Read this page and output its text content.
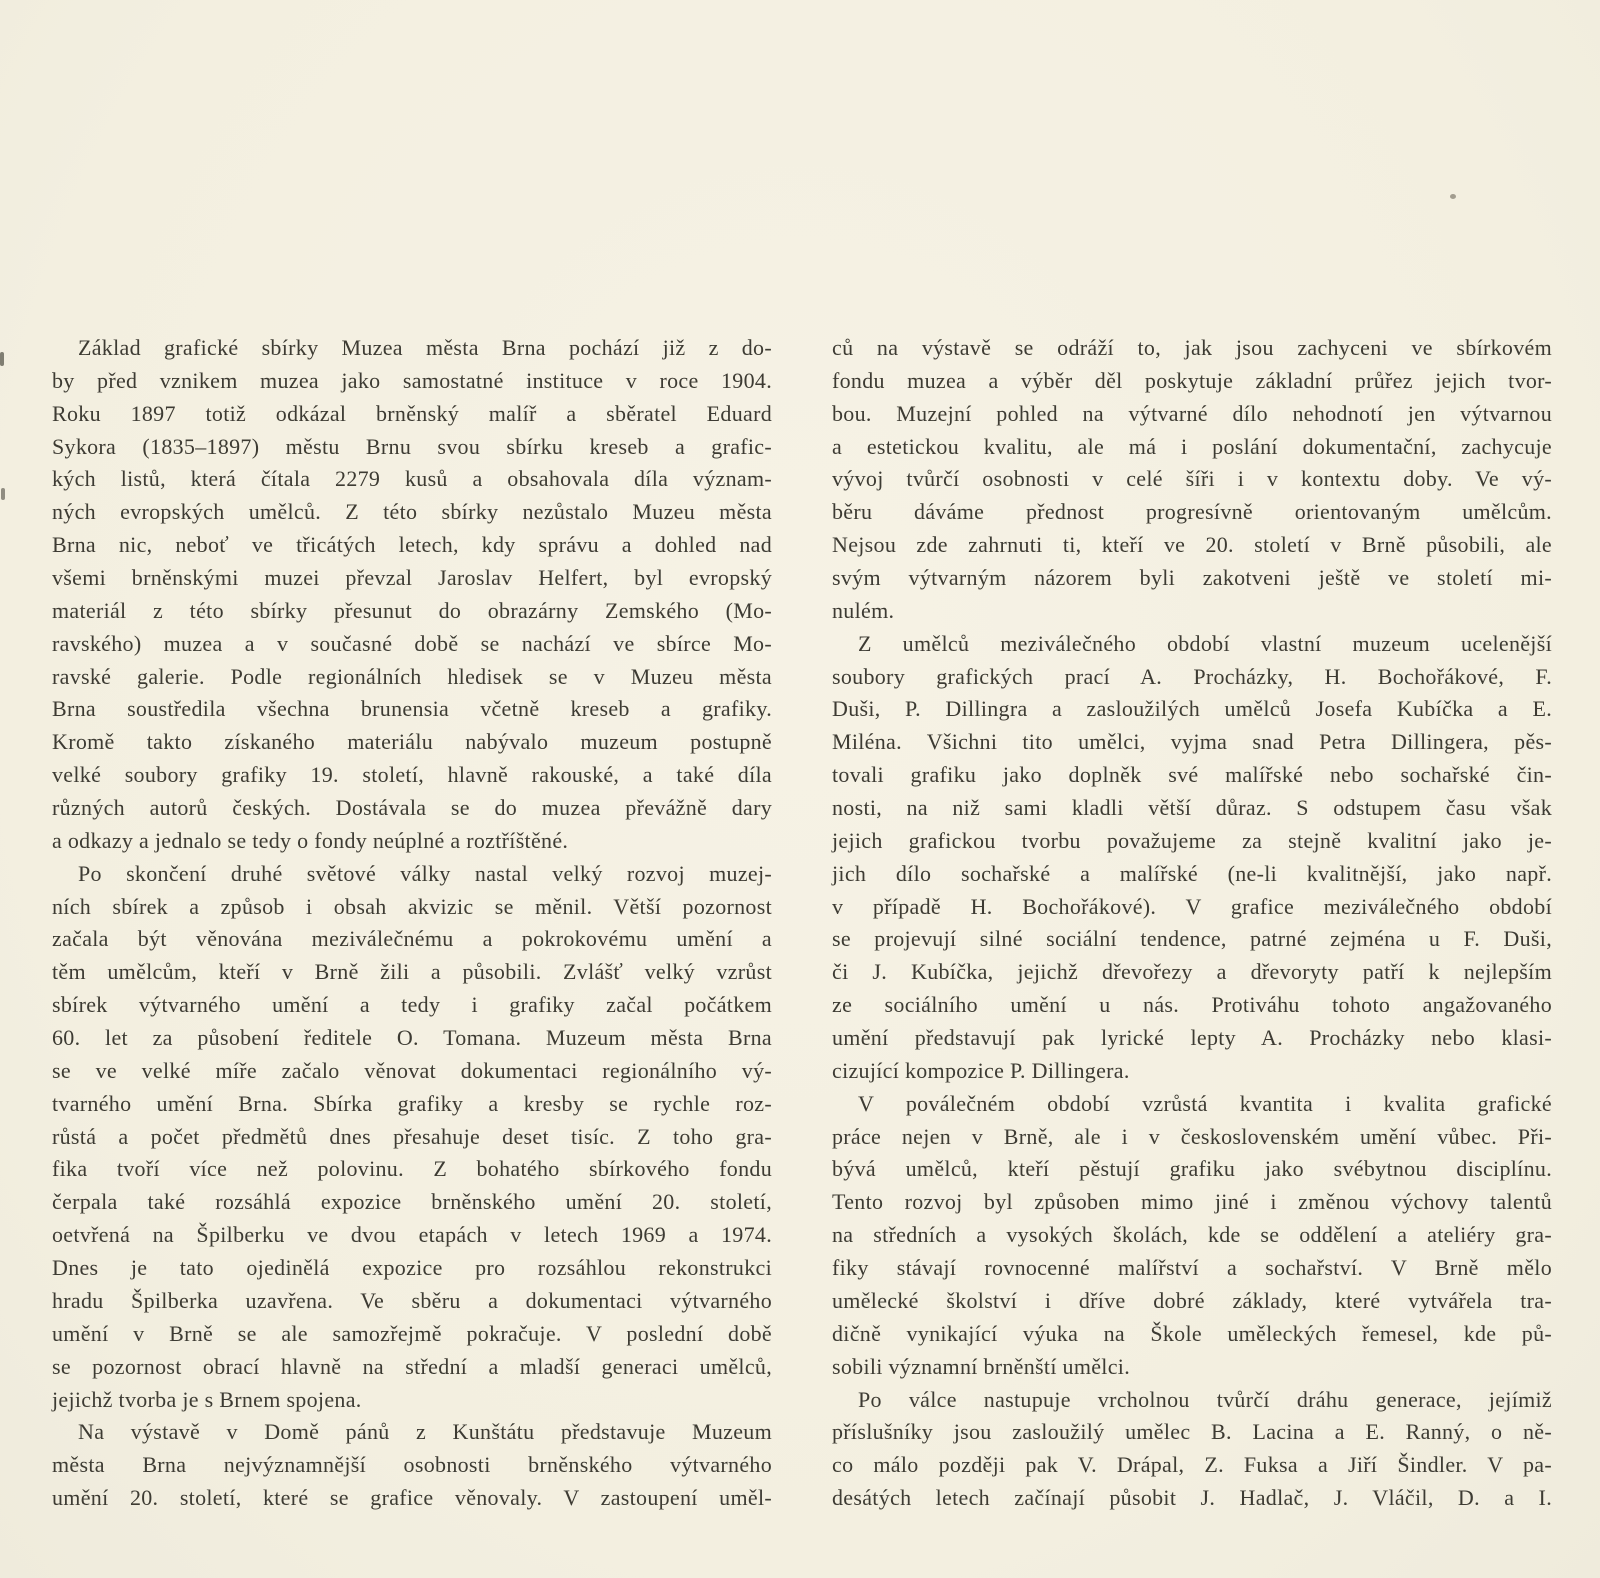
Základ grafické sbírky Muzea města Brna pochází již z do-
by před vznikem muzea jako samostatné instituce v roce 1904.
Roku 1897 totiž odkázal brněnský malíř a sběratel Eduard
Sykora (1835–1897) městu Brnu svou sbírku kreseb a grafic-
kých listů, která čítala 2279 kusů a obsahovala díla význam-
ných evropských umělců. Z této sbírky nezůstalo Muzeu města
Brna nic, neboť ve třicátých letech, kdy správu a dohled nad
všemi brněnskými muzei převzal Jaroslav Helfert, byl evropský
materiál z této sbírky přesunut do obrazárny Zemského (Mo-
ravského) muzea a v současné době se nachází ve sbírce Mo-
ravské galerie. Podle regionálních hledisek se v Muzeu města
Brna soustředila všechna brunensia včetně kreseb a grafiky.
Kromě takto získaného materiálu nabývalo muzeum postupně
velké soubory grafiky 19. století, hlavně rakouské, a také díla
různých autorů českých. Dostávala se do muzea převážně dary
a odkazy a jednalo se tedy o fondy neúplné a roztříštěné.
Po skončení druhé světové války nastal velký rozvoj muzej-
ních sbírek a způsob i obsah akvizic se měnil. Větší pozornost
začala být věnována meziválečnému a pokrokovému umění a
těm umělcům, kteří v Brně žili a působili. Zvlášť velký vzrůst
sbírek výtvarného umění a tedy i grafiky začal počátkem
60. let za působení ředitele O. Tomana. Muzeum města Brna
se ve velké míře začalo věnovat dokumentaci regionálního vý-
tvarného umění Brna. Sbírka grafiky a kresby se rychle roz-
růstá a počet předmětů dnes přesahuje deset tisíc. Z toho gra-
fika tvoří více než polovinu. Z bohatého sbírkového fondu
čerpala také rozsáhlá expozice brněnského umění 20. století,
oetvřená na Špilberku ve dvou etapách v letech 1969 a 1974.
Dnes je tato ojedinělá expozice pro rozsáhlou rekonstrukci
hradu Špilberka uzavřena. Ve sběru a dokumentaci výtvarného
umění v Brně se ale samozřejmě pokračuje. V poslední době
se pozornost obrací hlavně na střední a mladší generaci umělců,
jejichž tvorba je s Brnem spojena.
Na výstavě v Domě pánů z Kunštátu představuje Muzeum
města Brna nejvýznamnější osobnosti brněnského výtvarného
umění 20. století, které se grafice věnovaly. V zastoupení uměl-
ců na výstavě se odráží to, jak jsou zachyceni ve sbírkovém
fondu muzea a výběr děl poskytuje základní průřez jejich tvor-
bou. Muzejní pohled na výtvarné dílo nehodnotí jen výtvarnou
a estetickou kvalitu, ale má i poslání dokumentační, zachycuje
vývoj tvůrčí osobnosti v celé šíři i v kontextu doby. Ve vý-
běru dáváme přednost progresívně orientovaným umělcům.
Nejsou zde zahrnuti ti, kteří ve 20. století v Brně působili, ale
svým výtvarným názorem byli zakotveni ještě ve století mi-
nulém.
Z umělců meziválečného období vlastní muzeum ucelenější
soubory grafických prací A. Procházky, H. Bochořákové, F.
Duši, P. Dillingra a zasloužilých umělců Josefa Kubíčka a E.
Miléna. Všichni tito umělci, vyjma snad Petra Dillingera, pěs-
tovali grafiku jako doplněk své malířské nebo sochařské čin-
nosti, na niž sami kladli větší důraz. S odstupem času však
jejich grafickou tvorbu považujeme za stejně kvalitní jako je-
jich dílo sochařské a malířské (ne-li kvalitnější, jako např.
v případě H. Bochořákové). V grafice meziválečného období
se projevují silné sociální tendence, patrné zejména u F. Duši,
či J. Kubíčka, jejichž dřevořezy a dřevoryty patří k nejlepším
ze sociálního umění u nás. Protiváhu tohoto angažovaného
umění představují pak lyrické lepty A. Procházky nebo klasi-
cizující kompozice P. Dillingera.
V poválečném období vzrůstá kvantita i kvalita grafické
práce nejen v Brně, ale i v československém umění vůbec. Při-
bývá umělců, kteří pěstují grafiku jako svébytnou disciplínu.
Tento rozvoj byl způsoben mimo jiné i změnou výchovy talentů
na středních a vysokých školách, kde se oddělení a ateliéry gra-
fiky stávají rovnocenné malířství a sochařství. V Brně mělo
umělecké školství i dříve dobré základy, které vytvářela tra-
dičně vynikající výuka na Škole uměleckých řemesel, kde pů-
sobili významní brněnští umělci.
Po válce nastupuje vrcholnou tvůrčí dráhu generace, jejímiž
příslušníky jsou zasloužilý umělec B. Lacina a E. Ranný, o ně-
co málo později pak V. Drápal, Z. Fuksa a Jiří Šindler. V pa-
desátých letech začínají působit J. Hadlač, J. Vláčil, D. a I.
